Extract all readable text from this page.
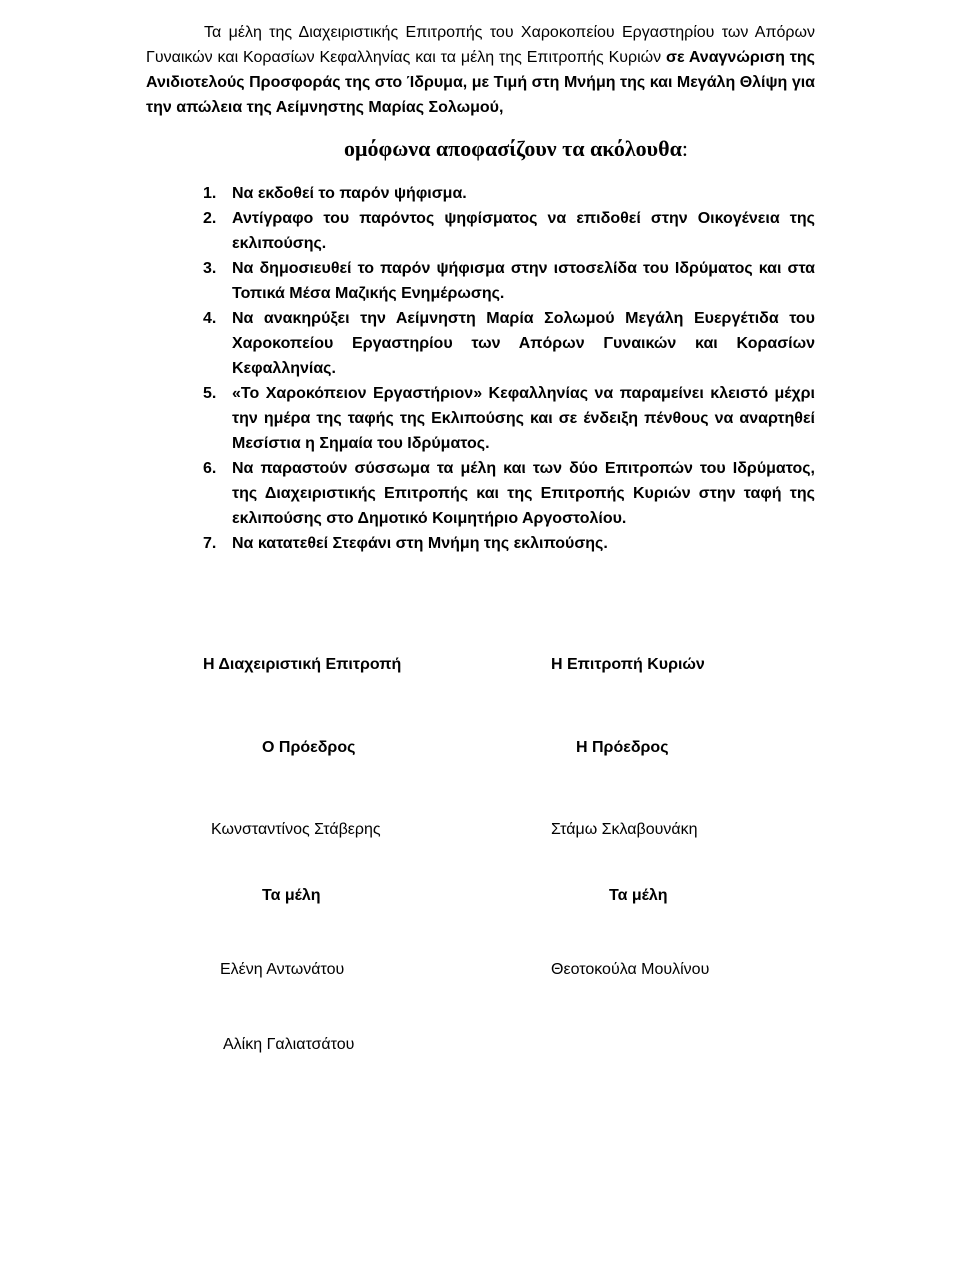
Τα μέλη της Διαχειριστικής Επιτροπής του Χαροκοπείου Εργαστηρίου των Απόρων Γυναικών και Κορασίων Κεφαλληνίας και τα μέλη της Επιτροπής Κυριών σε Αναγνώριση της Ανιδιοτελούς Προσφοράς της στο Ίδρυμα, με Τιμή στη Μνήμη της και Μεγάλη Θλίψη για την απώλεια της Αείμνηστης Μαρίας Σολωμού,

ομόφωνα αποφασίζουν τα ακόλουθα:
1. Να εκδοθεί το παρόν ψήφισμα.
2. Αντίγραφο του παρόντος ψηφίσματος να επιδοθεί στην Οικογένεια της εκλιπούσης.
3. Να δημοσιευθεί το παρόν ψήφισμα στην ιστοσελίδα του Ιδρύματος και στα Τοπικά Μέσα Μαζικής Ενημέρωσης.
4. Να ανακηρύξει την Αείμνηστη Μαρία Σολωμού Μεγάλη Ευεργέτιδα του Χαροκοπείου Εργαστηρίου των Απόρων Γυναικών και Κορασίων Κεφαλληνίας.
5. «Το Χαροκόπειον Εργαστήριον» Κεφαλληνίας να παραμείνει κλειστό μέχρι την ημέρα της ταφής της Εκλιπούσης και σε ένδειξη πένθους να αναρτηθεί Μεσίστια η Σημαία του Ιδρύματος.
6. Να παραστούν σύσσωμα τα μέλη και των δύο Επιτροπών του Ιδρύματος, της Διαχειριστικής Επιτροπής και της Επιτροπής Κυριών στην ταφή της εκλιπούσης στο Δημοτικό Κοιμητήριο Αργοστολίου.
7. Να κατατεθεί Στεφάνι στη Μνήμη της εκλιπούσης.

Η Διαχειριστική Επιτροπή

Ο Πρόεδρος

Κωνσταντίνος Στάβερης

Τα μέλη

Ελένη Αντωνάτου

Αλίκη Γαλιατσάτου

Η Επιτροπή Κυριών

Η Πρόεδρος

Στάμω Σκλαβουνάκη

Τα μέλη

Θεοτοκούλα Μουλίνου
